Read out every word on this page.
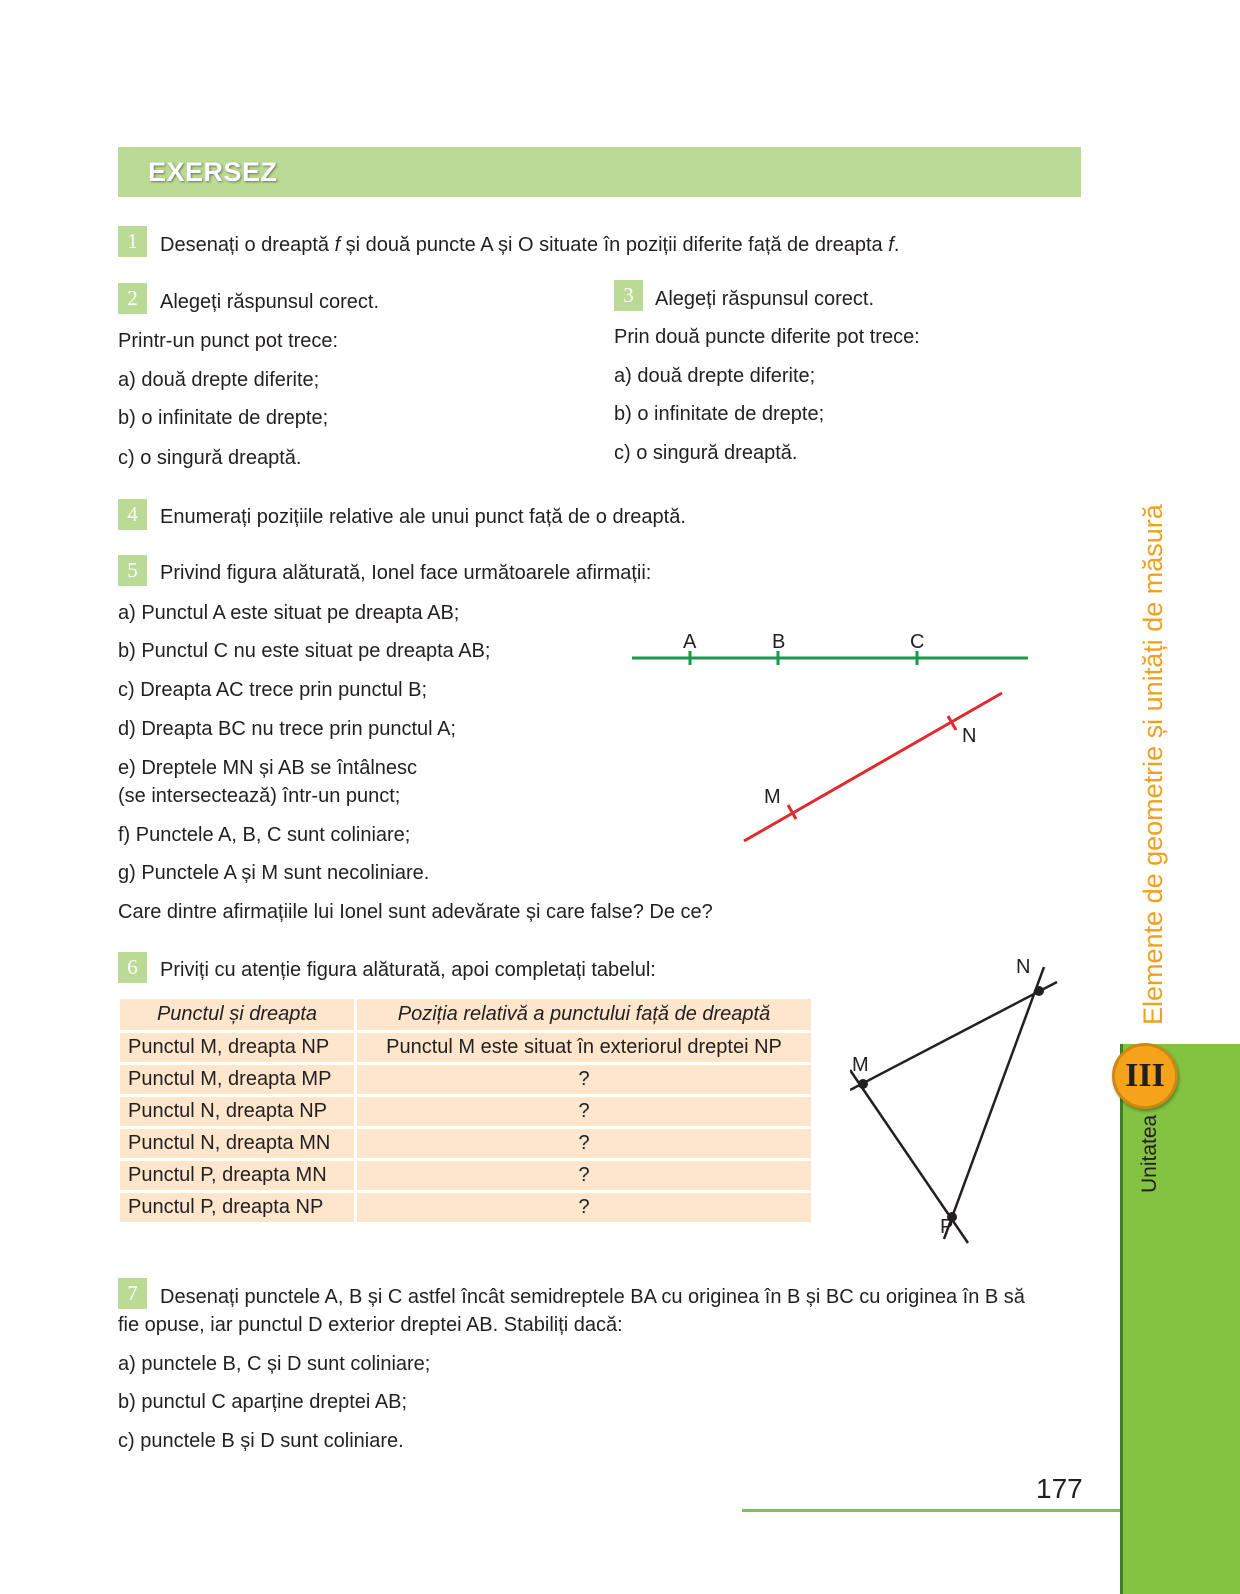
EXERSEZ
1	Desenați o dreaptă f și două puncte A și O situate în poziții diferite față de dreapta f.
2	Alegeți răspunsul corect.
Printr-un punct pot trece:
a) două drepte diferite;
b) o infinitate de drepte;
c) o singură dreaptă.
3	Alegeți răspunsul corect.
Prin două puncte diferite pot trece:
a) două drepte diferite;
b) o infinitate de drepte;
c) o singură dreaptă.
4	Enumerați pozițiile relative ale unui punct față de o dreaptă.
5	Privind figura alăturată, Ionel face următoarele afirmații:
a) Punctul A este situat pe dreapta AB;
b) Punctul C nu este situat pe dreapta AB;
c) Dreapta AC trece prin punctul B;
d) Dreapta BC nu trece prin punctul A;
e) Dreptele MN și AB se întâlnesc
(se intersectează) într-un punct;
f) Punctele A, B, C sunt coliniare;
g) Punctele A și M sunt necoliniare.
Care dintre afirmațiile lui Ionel sunt adevărate și care false? De ce?
A	B	C
M
N
6	Priviți cu atenție figura alăturată, apoi completați tabelul:
Punctul și dreapta	Poziția relativă a punctului față de dreaptă
Punctul M, dreapta NP	Punctul M este situat în exteriorul dreptei NP
Punctul M, dreapta MP	?
Punctul N, dreapta NP	?
Punctul N, dreapta MN	?
Punctul P, dreapta MN	?
Punctul P, dreapta NP	?
M
N
P
7	Desenați punctele A, B și C astfel încât semidreptele BA cu originea în B și BC cu originea în B să
fie opuse, iar punctul D exterior dreptei AB. Stabiliți dacă:
a) punctele B, C și D sunt coliniare;
b) punctul C aparține dreptei AB;
c) punctele B și D sunt coliniare.
Elemente de geometrie și unități de măsură
Unitatea
III
177
